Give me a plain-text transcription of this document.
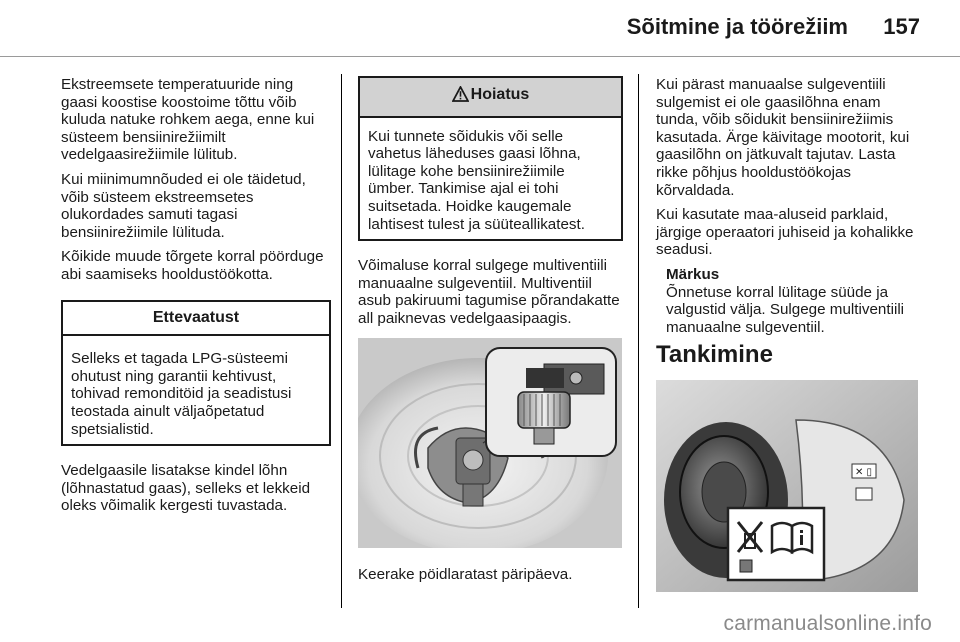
Sõitmine ja töörežiim 157

Ekstreemsete temperatuuride ning gaasi koostise koostoime tõttu võib kuluda natuke rohkem aega, enne kui süsteem bensiinirežiimilt vedelgaasirežiimile lülitub.

Kui miinimumnõuded ei ole täidetud, võib süsteem ekstreemsetes olukordades samuti tagasi bensiinirežiimile lülituda.

Kõikide muude tõrgete korral pöörduge abi saamiseks hooldustöökotta.

Ettevaatust
Selleks et tagada LPG-süsteemi ohutust ning garantii kehtivust, tohivad remonditöid ja seadistusi teostada ainult väljaõpetatud spetsialistid.

Vedelgaasile lisatakse kindel lõhn (lõhnastatud gaas), selleks et lekkeid oleks võimalik kergesti tuvastada.

Hoiatus
Kui tunnete sõidukis või selle vahetus läheduses gaasi lõhna, lülitage kohe bensiinirežiimile ümber. Tankimise ajal ei tohi suitsetada. Hoidke kaugemale lahtisest tulest ja süüteallikatest.

Võimaluse korral sulgege multiventiili manuaalne sulgeventiil. Multiventiil asub pakiruumi tagumise põrandakatte all paiknevas vedelgaasipaagis.

Keerake pöidlaratast päripäeva.

Kui pärast manuaalse sulgeventiili sulgemist ei ole gaasilõhna enam tunda, võib sõidukit bensiinirežiimis kasutada. Ärge käivitage mootorit, kui gaasilõhn on jätkuvalt tajutav. Lasta rikke põhjus hooldustöökojas kõrvaldada.

Kui kasutate maa-aluseid parklaid, järgige operaatori juhiseid ja kohalikke seadusi.

Märkus
Õnnetuse korral lülitage süüde ja valgustid välja. Sulgege multiventiili manuaalne sulgeventiil.
Tankimine
✕ ▯
carmanualsonline.info
